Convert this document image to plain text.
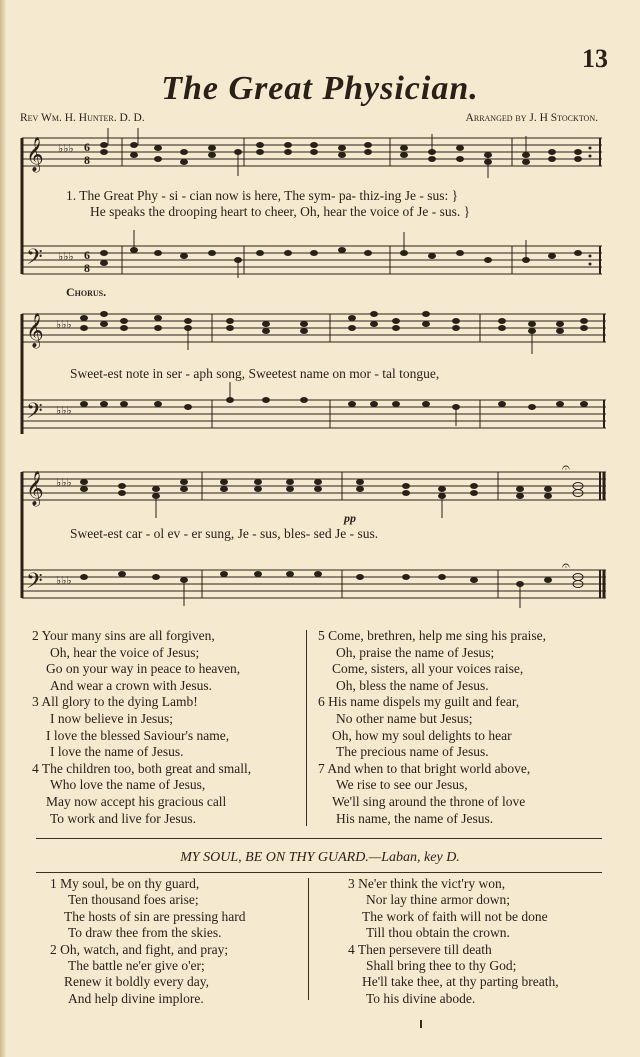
13
The Great Physician.
Rev Wm. H. Hunter. D. D.	Arranged by J. H Stockton.
𝄞
𝄢
♭♭♭
♭♭♭
6
8
6
8
1. The Great Phy - si - cian now is here, The sym- pa- thiz-ing Je - sus: }
He speaks the drooping heart to cheer, Oh, hear the voice of Je - sus. }
Chorus.
𝄞
𝄢
♭♭♭
♭♭♭
Sweet-est note in ser - aph song, Sweetest name on mor - tal tongue,
𝄞
𝄢
♭♭♭
♭♭♭
𝄐
𝄐
Sweet-est car - ol ev - er sung, Je - sus, bles- sed Je - sus.
pp
2 Your many sins are all forgiven,
Oh, hear the voice of Jesus;
Go on your way in peace to heaven,
And wear a crown with Jesus.
3 All glory to the dying Lamb!
I now believe in Jesus;
I love the blessed Saviour's name,
I love the name of Jesus.
4 The children too, both great and small,
Who love the name of Jesus,
May now accept his gracious call
To work and live for Jesus.
5 Come, brethren, help me sing his praise,
Oh, praise the name of Jesus;
Come, sisters, all your voices raise,
Oh, bless the name of Jesus.
6 His name dispels my guilt and fear,
No other name but Jesus;
Oh, how my soul delights to hear
The precious name of Jesus.
7 And when to that bright world above,
We rise to see our Jesus,
We'll sing around the throne of love
His name, the name of Jesus.
MY SOUL, BE ON THY GUARD.—Laban, key D.
1 My soul, be on thy guard,
Ten thousand foes arise;
The hosts of sin are pressing hard
To draw thee from the skies.
2 Oh, watch, and fight, and pray;
The battle ne'er give o'er;
Renew it boldly every day,
And help divine implore.
3 Ne'er think the vict'ry won,
Nor lay thine armor down;
The work of faith will not be done
Till thou obtain the crown.
4 Then persevere till death
Shall bring thee to thy God;
He'll take thee, at thy parting breath,
To his divine abode.
